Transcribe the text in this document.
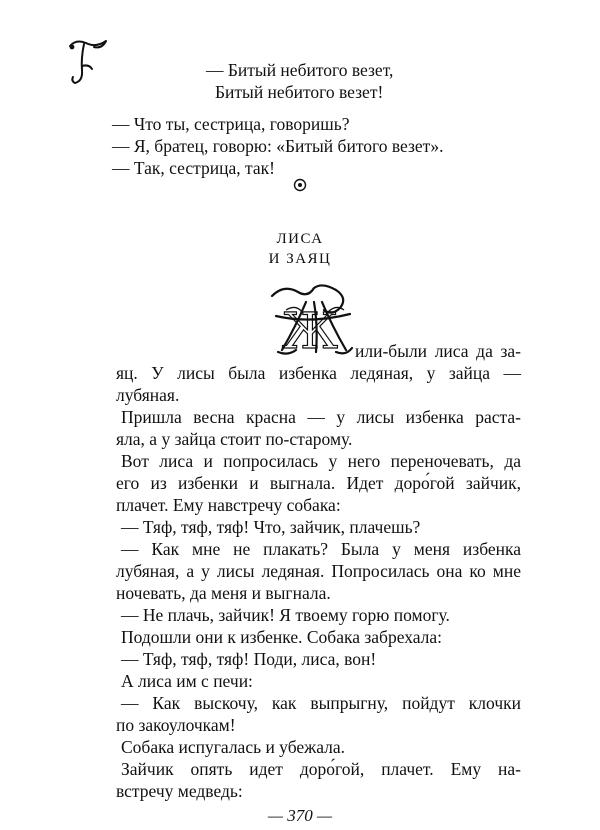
— Битый небитого везет,
Битый небитого везет!
— Что ты, сестрица, говоришь?
— Я, братец, говорю: «Битый битого везет».
— Так, сестрица, так!
ЛИСА
И ЗАЯЦ
Ж или-были лиса да за-
яц. У лисы была избенка ледяная, у зайца —
лубяная.
Пришла весна красна — у лисы избенка раста-
яла, а у зайца стоит по-старому.
Вот лиса и попросилась у него переночевать, да
его из избенки и выгнала. Идет доро́гой зайчик,
плачет. Ему навстречу собака:
— Тяф, тяф, тяф! Что, зайчик, плачешь?
— Как мне не плакать? Была у меня избенка
лубяная, а у лисы ледяная. Попросилась она ко мне
ночевать, да меня и выгнала.
— Не плачь, зайчик! Я твоему горю помогу.
Подошли они к избенке. Собака забрехала:
— Тяф, тяф, тяф! Поди, лиса, вон!
А лиса им с печи:
— Как выскочу, как выпрыгну, пойдут клочки
по закоулочкам!
Собака испугалась и убежала.
Зайчик опять идет доро́гой, плачет. Ему на-
встречу медведь:
— 370 —
